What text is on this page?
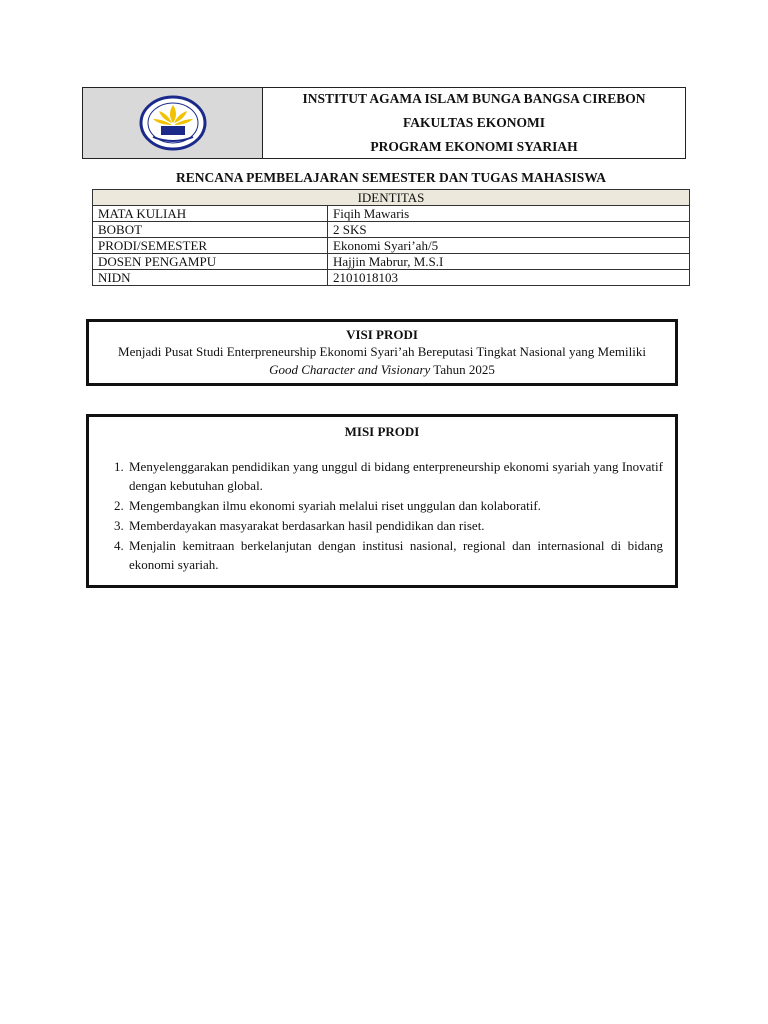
INSTITUT AGAMA ISLAM BUNGA BANGSA CIREBON
FAKULTAS EKONOMI
PROGRAM EKONOMI SYARIAH
RENCANA PEMBELAJARAN SEMESTER DAN TUGAS MAHASISWA
IDENTITAS	
MATA KULIAH	Fiqih Mawaris
BOBOT	2 SKS
PRODI/SEMESTER	Ekonomi Syari’ah/5
DOSEN PENGAMPU	Hajjin Mabrur, M.S.I
NIDN	2101018103
VISI PRODI
Menjadi Pusat Studi Enterpreneurship Ekonomi Syari’ah Bereputasi Tingkat Nasional yang Memiliki Good Character and Visionary Tahun 2025
MISI PRODI
1. Menyelenggarakan pendidikan yang unggul di bidang enterpreneurship ekonomi syariah yang Inovatif dengan kebutuhan global.
2. Mengembangkan ilmu ekonomi syariah melalui riset unggulan dan kolaboratif.
3. Memberdayakan masyarakat berdasarkan hasil pendidikan dan riset.
4. Menjalin kemitraan berkelanjutan dengan institusi nasional, regional dan internasional di bidang ekonomi syariah.
